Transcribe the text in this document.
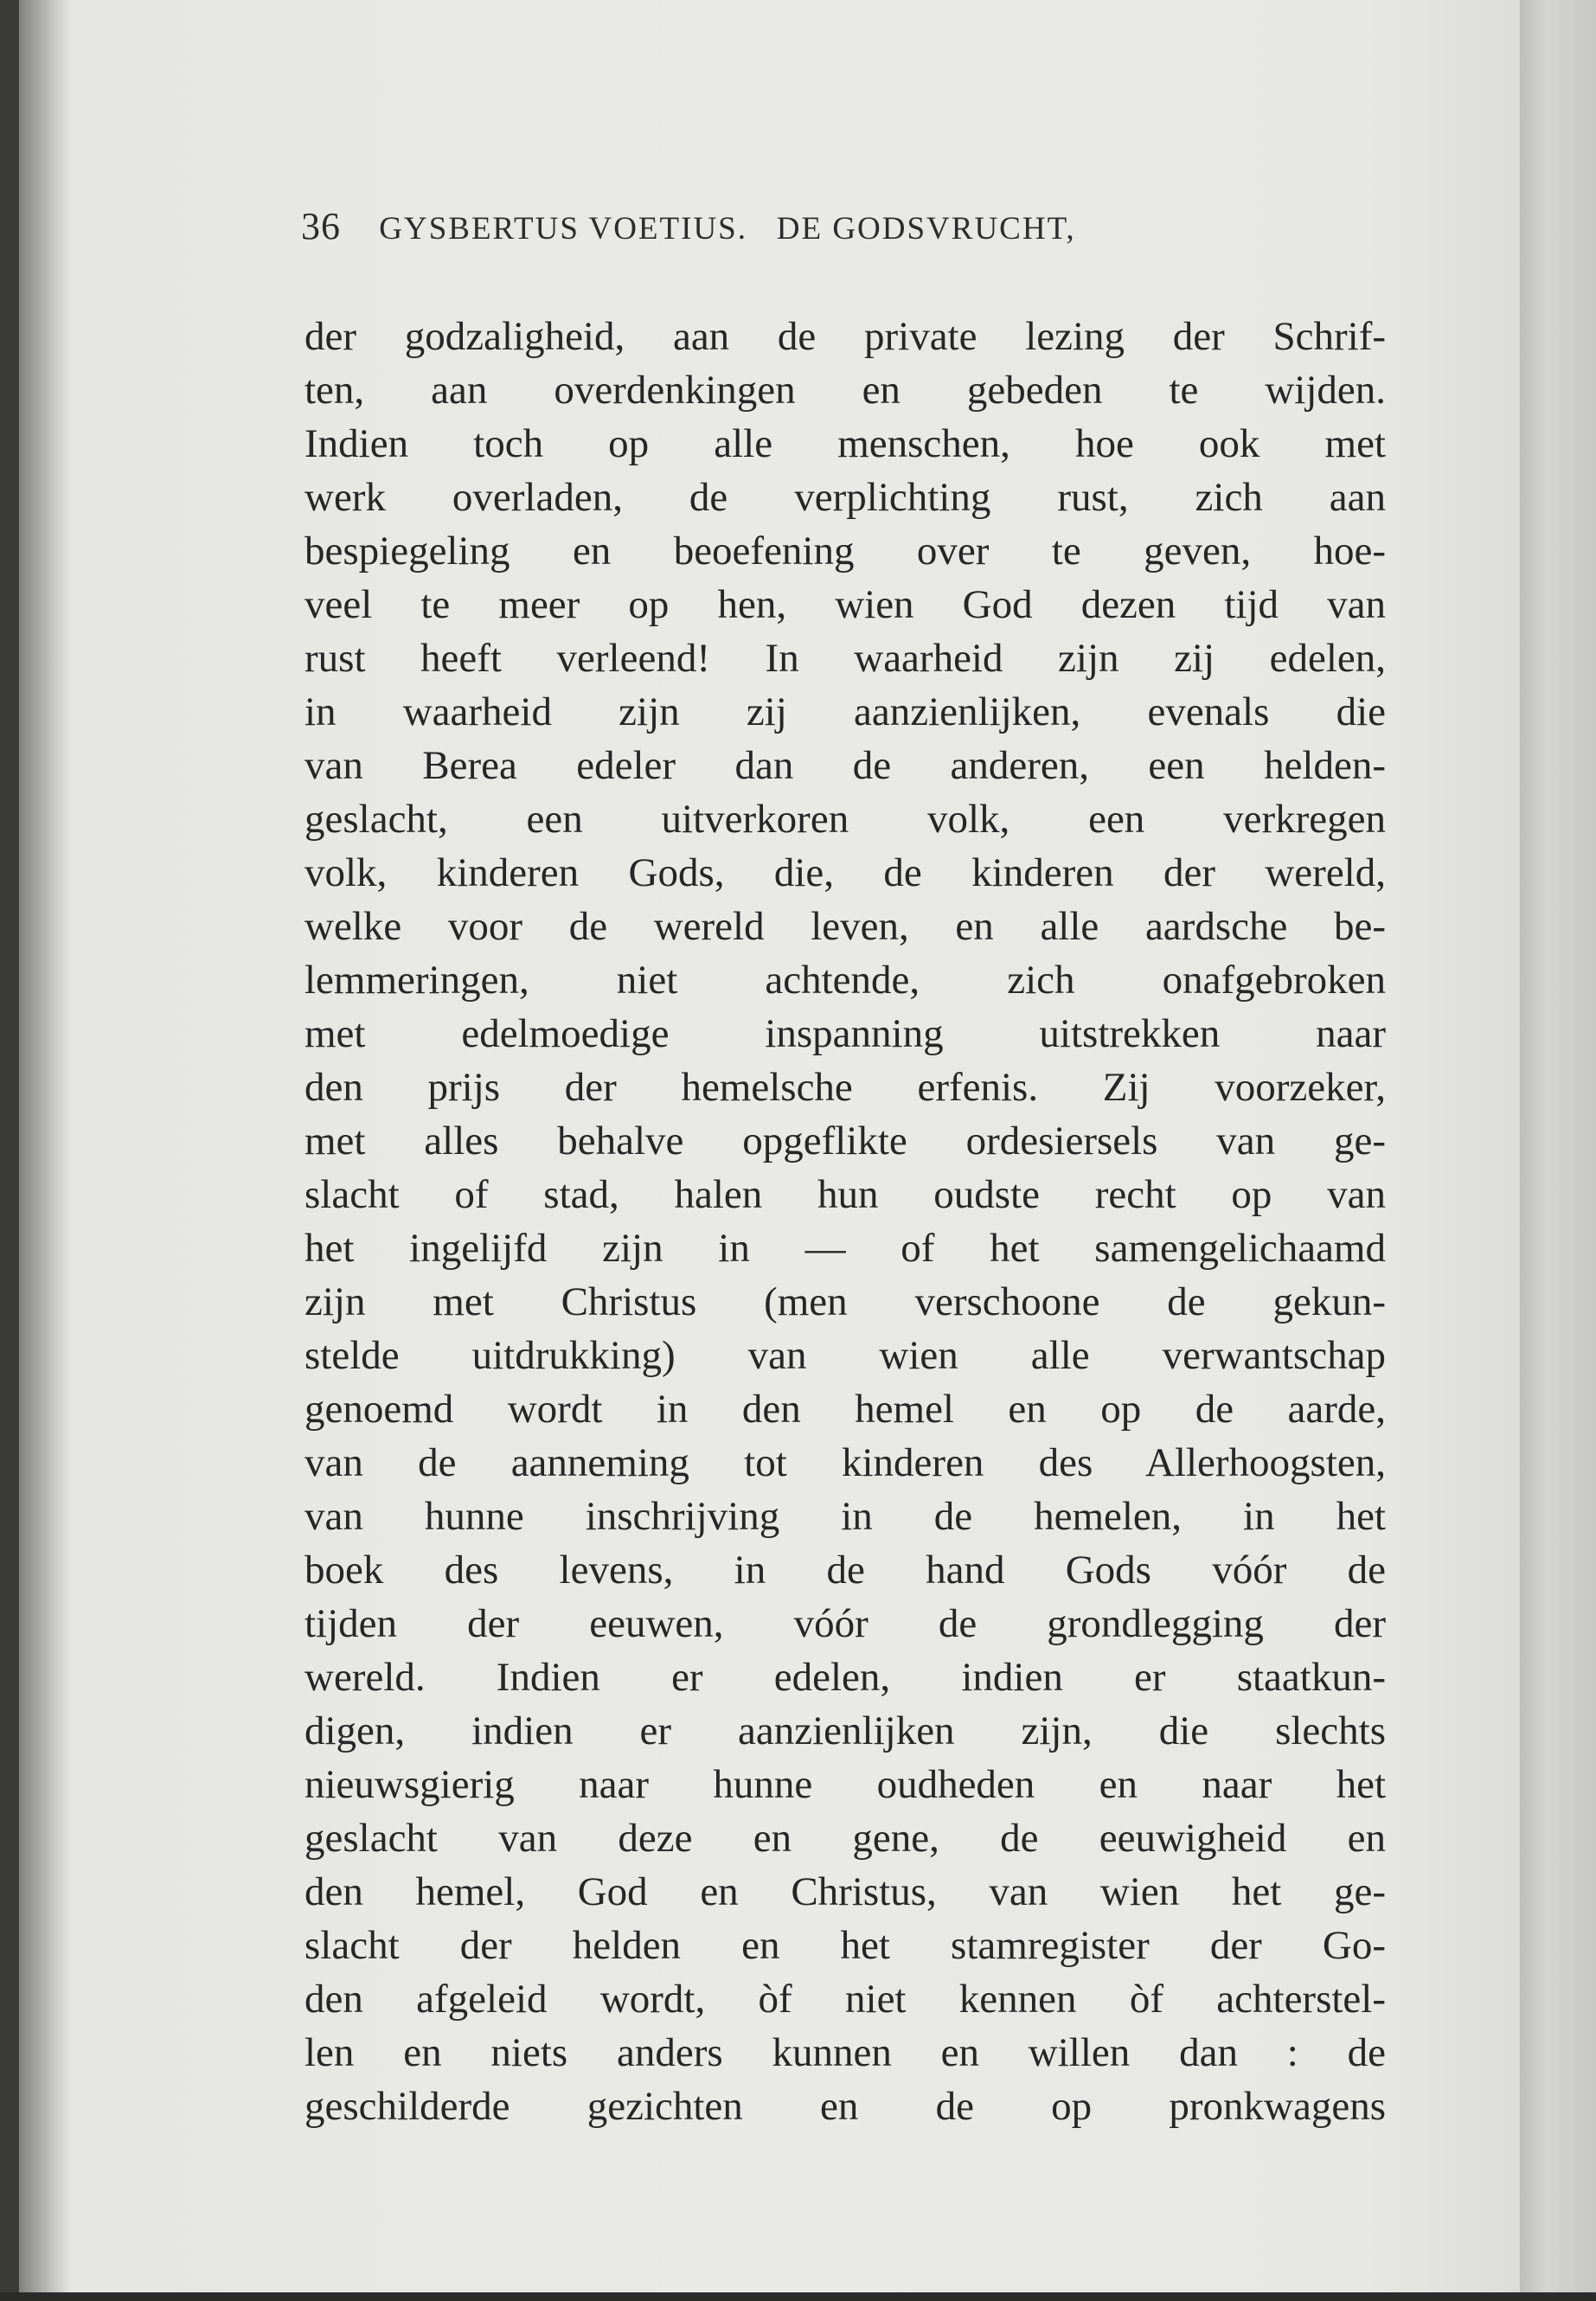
36 GYSBERTUS VOETIUS.   DE GODSVRUCHT,
der godzaligheid, aan de private lezing der Schrif-
ten, aan overdenkingen en gebeden te wijden.
Indien toch op alle menschen, hoe ook met
werk overladen, de verplichting rust, zich aan
bespiegeling en beoefening over te geven, hoe-
veel te meer op hen, wien God dezen tijd van
rust heeft verleend! In waarheid zijn zij edelen,
in waarheid zijn zij aanzienlijken, evenals die
van Berea edeler dan de anderen, een helden-
geslacht, een uitverkoren volk, een verkregen
volk, kinderen Gods, die, de kinderen der wereld,
welke voor de wereld leven, en alle aardsche be-
lemmeringen, niet achtende, zich onafgebroken
met edelmoedige inspanning uitstrekken naar
den prijs der hemelsche erfenis. Zij voorzeker,
met alles behalve opgeflikte ordesiersels van ge-
slacht of stad, halen hun oudste recht op van
het ingelijfd zijn in — of het samengelichaamd
zijn met Christus (men verschoone de gekun-
stelde uitdrukking) van wien alle verwantschap
genoemd wordt in den hemel en op de aarde,
van de aanneming tot kinderen des Allerhoogsten,
van hunne inschrijving in de hemelen, in het
boek des levens, in de hand Gods vóór de
tijden der eeuwen, vóór de grondlegging der
wereld. Indien er edelen, indien er staatkun-
digen, indien er aanzienlijken zijn, die slechts
nieuwsgierig naar hunne oudheden en naar het
geslacht van deze en gene, de eeuwigheid en
den hemel, God en Christus, van wien het ge-
slacht der helden en het stamregister der Go-
den afgeleid wordt, òf niet kennen òf achterstel-
len en niets anders kunnen en willen dan : de
geschilderde gezichten en de op pronkwagens
